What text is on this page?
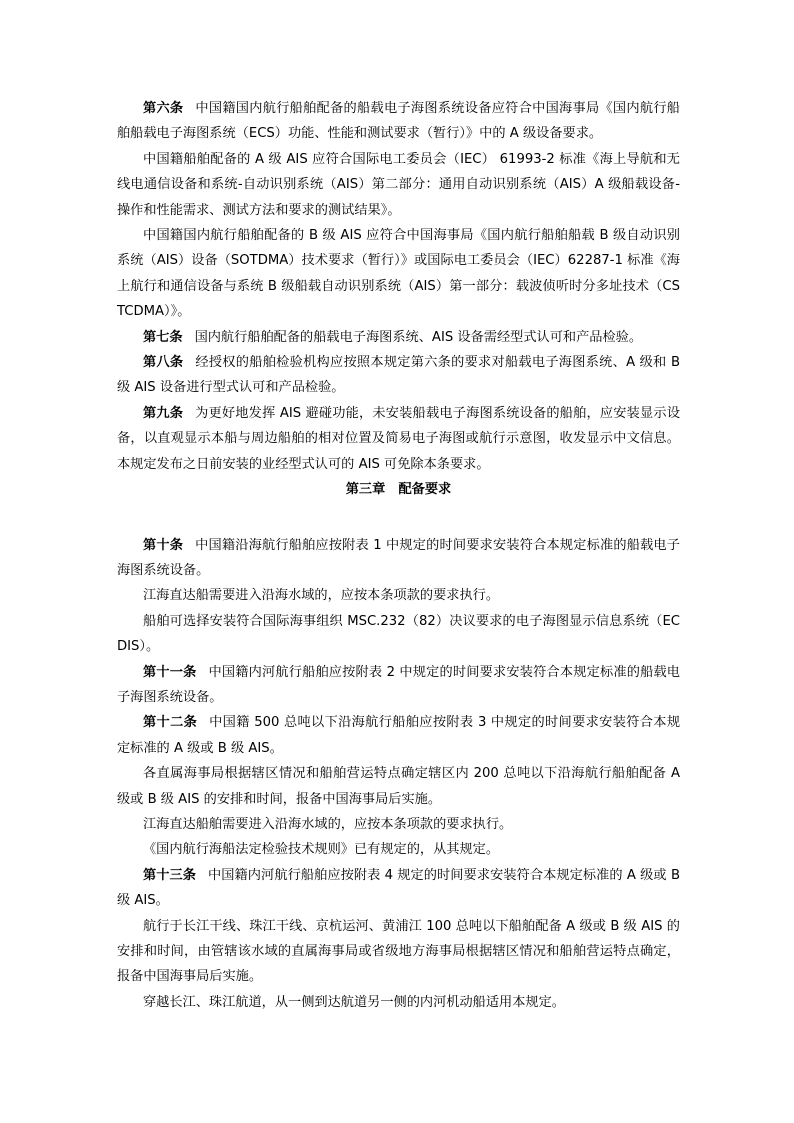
第六条 中国籍国内航行船舶配备的船载电子海图系统设备应符合中国海事局《国内航行船舶船载电子海图系统（ECS）功能、性能和测试要求（暂行）》中的 A 级设备要求。

中国籍船舶配备的 A 级 AIS 应符合国际电工委员会（IEC） 61993-2 标准《海上导航和无线电通信设备和系统-自动识别系统（AIS）第二部分：通用自动识别系统（AIS）A 级船载设备-操作和性能需求、测试方法和要求的测试结果》。

中国籍国内航行船舶配备的 B 级 AIS 应符合中国海事局《国内航行船舶船载 B 级自动识别系统（AIS）设备（SOTDMA）技术要求（暂行）》或国际电工委员会（IEC）62287-1 标准《海上航行和通信设备与系统 B 级船载自动识别系统（AIS）第一部分：载波侦听时分多址技术（CSTCDMA）》。

第七条 国内航行船舶配备的船载电子海图系统、AIS 设备需经型式认可和产品检验。

第八条 经授权的船舶检验机构应按照本规定第六条的要求对船载电子海图系统、A 级和 B 级 AIS 设备进行型式认可和产品检验。

第九条 为更好地发挥 AIS 避碰功能，未安装船载电子海图系统设备的船舶，应安装显示设备，以直观显示本船与周边船舶的相对位置及简易电子海图或航行示意图，收发显示中文信息。本规定发布之日前安装的业经型式认可的 AIS 可免除本条要求。

第三章　配备要求

第十条 中国籍沿海航行船舶应按附表 1 中规定的时间要求安装符合本规定标准的船载电子海图系统设备。

江海直达船需要进入沿海水域的，应按本条项款的要求执行。

船舶可选择安装符合国际海事组织 MSC.232（82）决议要求的电子海图显示信息系统（ECDIS）。

第十一条 中国籍内河航行船舶应按附表 2 中规定的时间要求安装符合本规定标准的船载电子海图系统设备。

第十二条 中国籍 500 总吨以下沿海航行船舶应按附表 3 中规定的时间要求安装符合本规定标准的 A 级或 B 级 AIS。

各直属海事局根据辖区情况和船舶营运特点确定辖区内 200 总吨以下沿海航行船舶配备 A 级或 B 级 AIS 的安排和时间，报备中国海事局后实施。

江海直达船舶需要进入沿海水域的，应按本条项款的要求执行。

《国内航行海船法定检验技术规则》已有规定的，从其规定。

第十三条 中国籍内河航行船舶应按附表 4 规定的时间要求安装符合本规定标准的 A 级或 B 级 AIS。

航行于长江干线、珠江干线、京杭运河、黄浦江 100 总吨以下船舶配备 A 级或 B 级 AIS 的安排和时间，由管辖该水域的直属海事局或省级地方海事局根据辖区情况和船舶营运特点确定，报备中国海事局后实施。

穿越长江、珠江航道，从一侧到达航道另一侧的内河机动船适用本规定。
